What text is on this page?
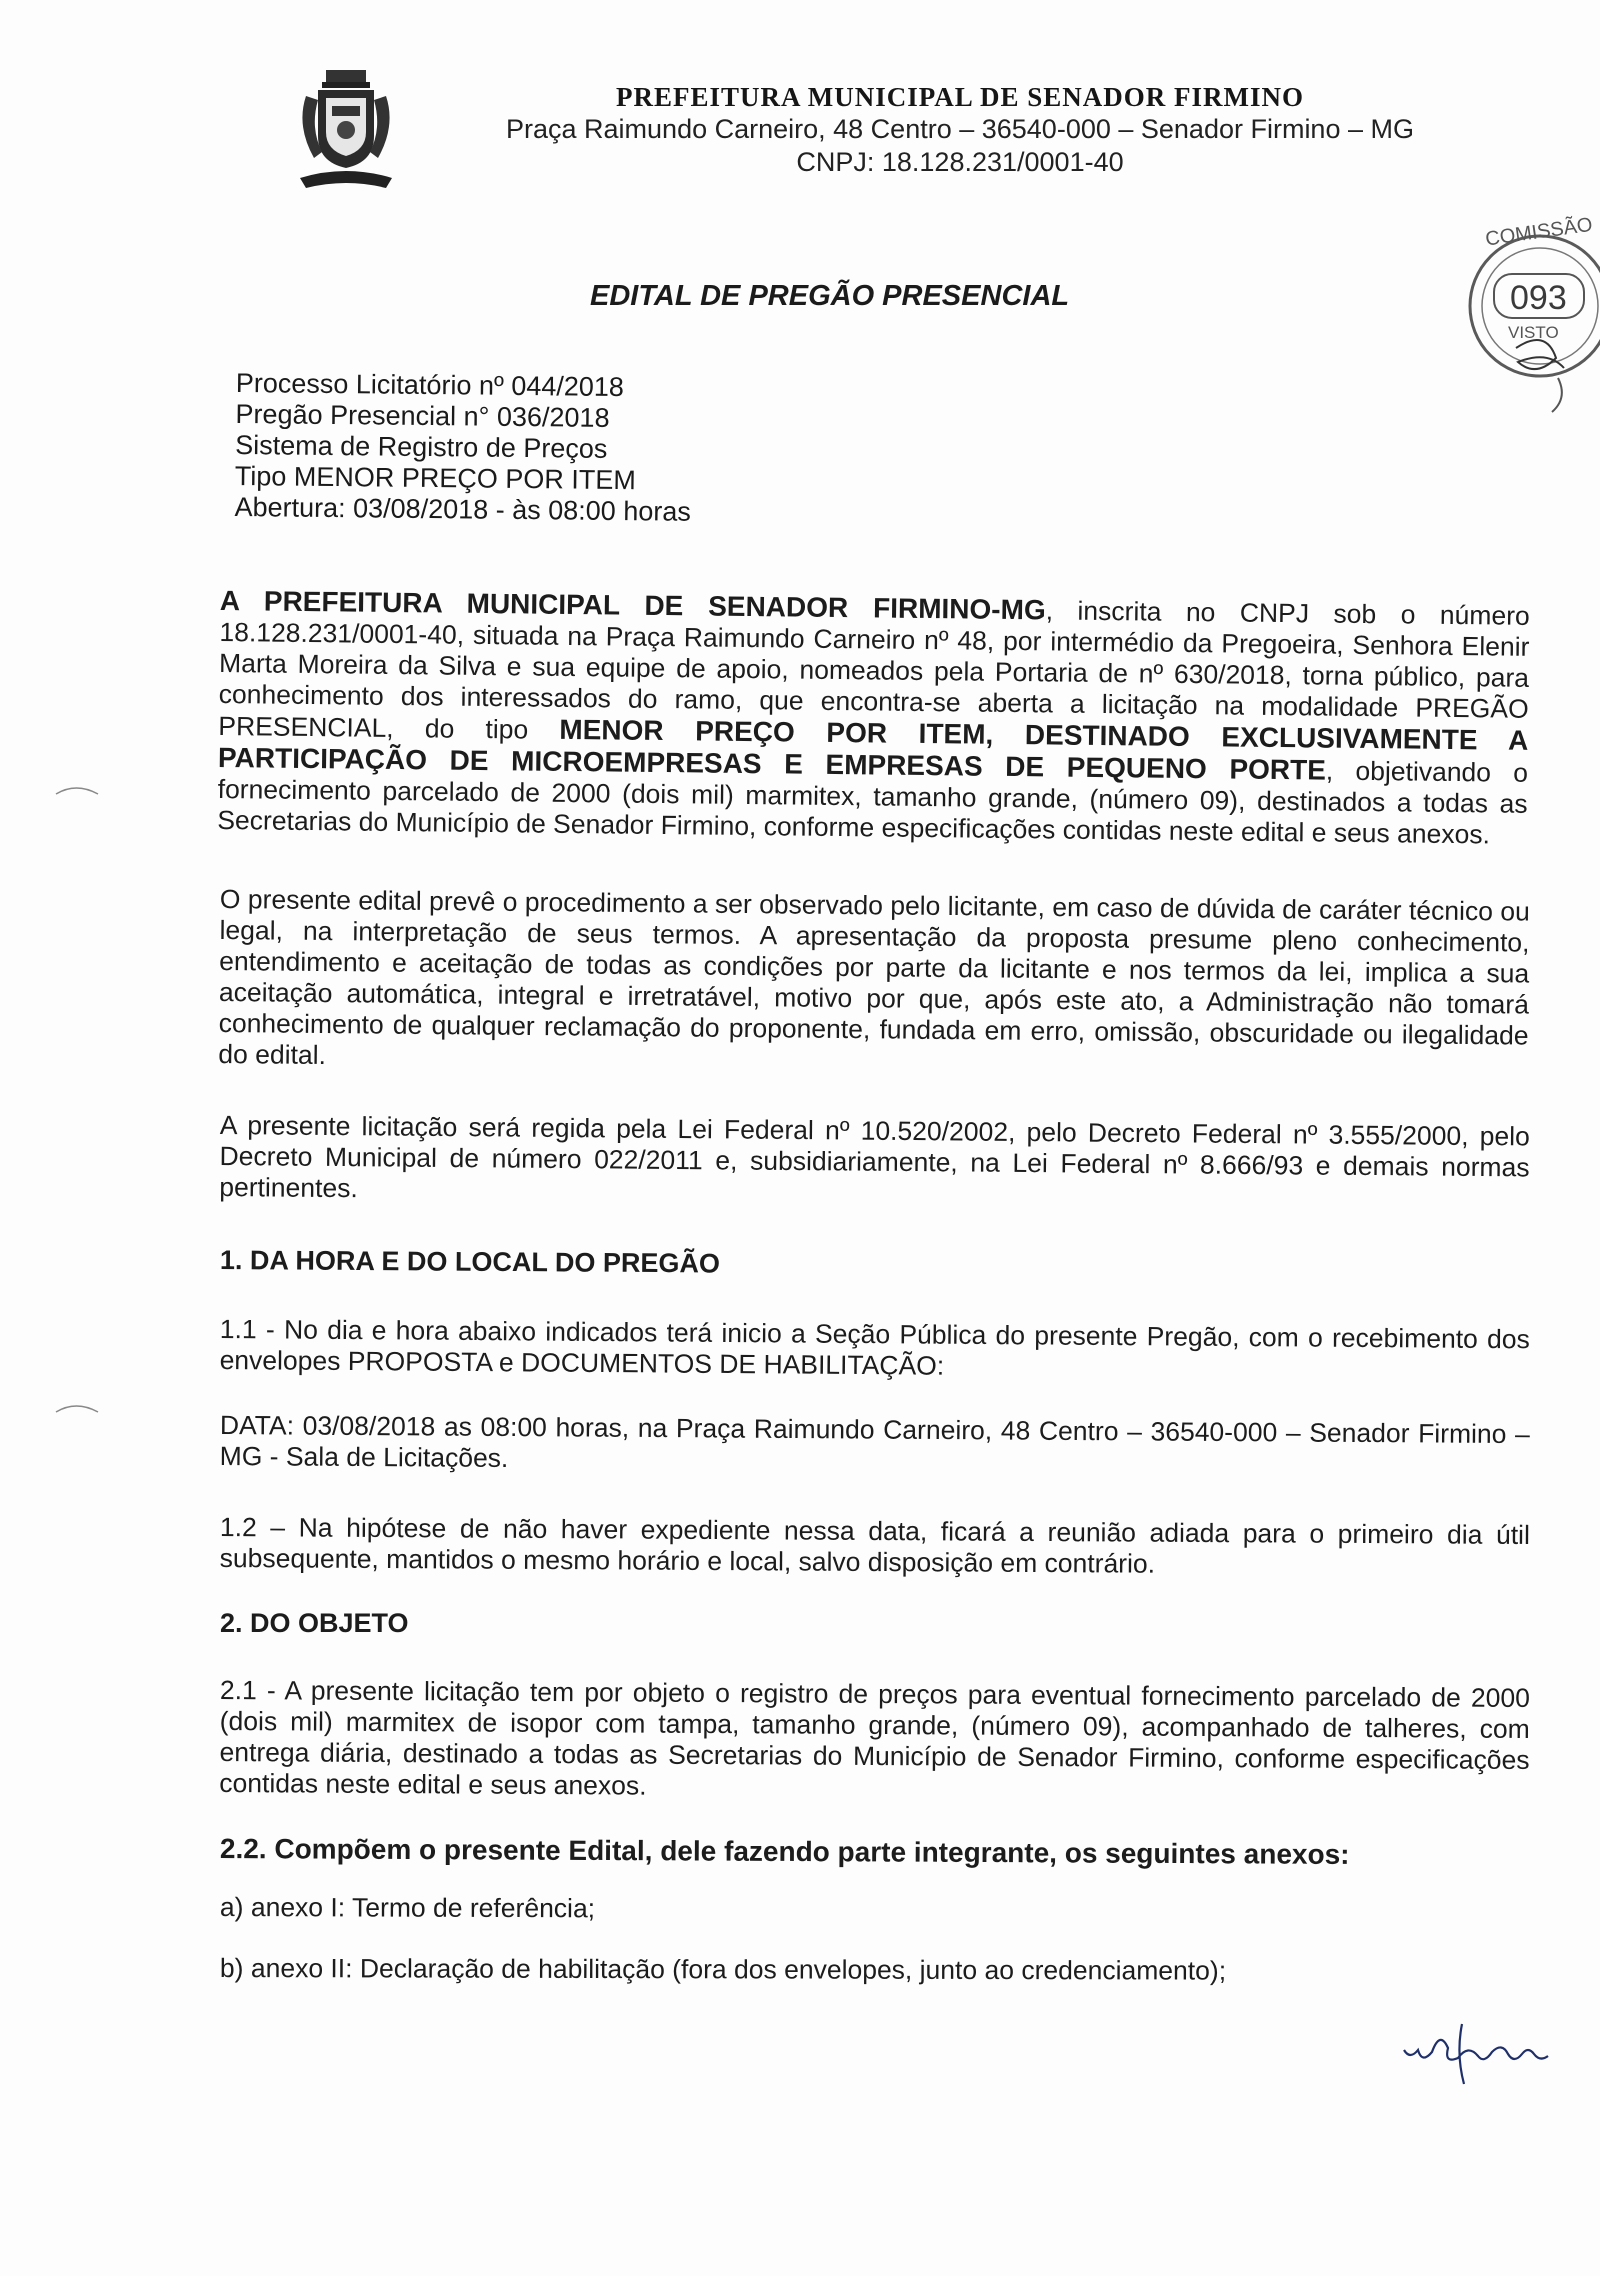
PREFEITURA MUNICIPAL DE SENADOR FIRMINO
Praça Raimundo Carneiro, 48 Centro – 36540-000 – Senador Firmino – MG
CNPJ: 18.128.231/0001-40
COMISSÃO
093
VISTO
EDITAL DE PREGÃO PRESENCIAL
Processo Licitatório nº 044/2018
Pregão Presencial n° 036/2018
Sistema de Registro de Preços
Tipo MENOR PREÇO POR ITEM
Abertura: 03/08/2018 - às 08:00 horas

A PREFEITURA MUNICIPAL DE SENADOR FIRMINO-MG, inscrita no CNPJ sob o número 18.128.231/0001-40, situada na Praça Raimundo Carneiro nº 48, por intermédio da Pregoeira, Senhora Elenir Marta Moreira da Silva e sua equipe de apoio, nomeados pela Portaria de nº 630/2018, torna público, para conhecimento dos interessados do ramo, que encontra-se aberta a licitação na modalidade PREGÃO PRESENCIAL, do tipo MENOR PREÇO POR ITEM, DESTINADO EXCLUSIVAMENTE A PARTICIPAÇÃO DE MICROEMPRESAS E EMPRESAS DE PEQUENO PORTE, objetivando o fornecimento parcelado de 2000 (dois mil) marmitex, tamanho grande, (número 09), destinados a todas as Secretarias do Município de Senador Firmino, conforme especificações contidas neste edital e seus anexos.

O presente edital prevê o procedimento a ser observado pelo licitante, em caso de dúvida de caráter técnico ou legal, na interpretação de seus termos. A apresentação da proposta presume pleno conhecimento, entendimento e aceitação de todas as condições por parte da licitante e nos termos da lei, implica a sua aceitação automática, integral e irretratável, motivo por que, após este ato, a Administração não tomará conhecimento de qualquer reclamação do proponente, fundada em erro, omissão, obscuridade ou ilegalidade do edital.

A presente licitação será regida pela Lei Federal nº 10.520/2002, pelo Decreto Federal nº 3.555/2000, pelo Decreto Municipal de número 022/2011 e, subsidiariamente, na Lei Federal nº 8.666/93 e demais normas pertinentes.

1. DA HORA E DO LOCAL DO PREGÃO

1.1 - No dia e hora abaixo indicados terá inicio a Seção Pública do presente Pregão, com o recebimento dos envelopes PROPOSTA e DOCUMENTOS DE HABILITAÇÃO:

DATA: 03/08/2018 as 08:00 horas, na Praça Raimundo Carneiro, 48 Centro – 36540-000 – Senador Firmino – MG - Sala de Licitações.

1.2 – Na hipótese de não haver expediente nessa data, ficará a reunião adiada para o primeiro dia útil subsequente, mantidos o mesmo horário e local, salvo disposição em contrário.

2. DO OBJETO

2.1 - A presente licitação tem por objeto o registro de preços para eventual fornecimento parcelado de 2000 (dois mil) marmitex de isopor com tampa, tamanho grande, (número 09), acompanhado de talheres, com entrega diária, destinado a todas as Secretarias do Município de Senador Firmino, conforme especificações contidas neste edital e seus anexos.

2.2. Compõem o presente Edital, dele fazendo parte integrante, os seguintes anexos:

a) anexo I: Termo de referência;

b) anexo II: Declaração de habilitação (fora dos envelopes, junto ao credenciamento);
